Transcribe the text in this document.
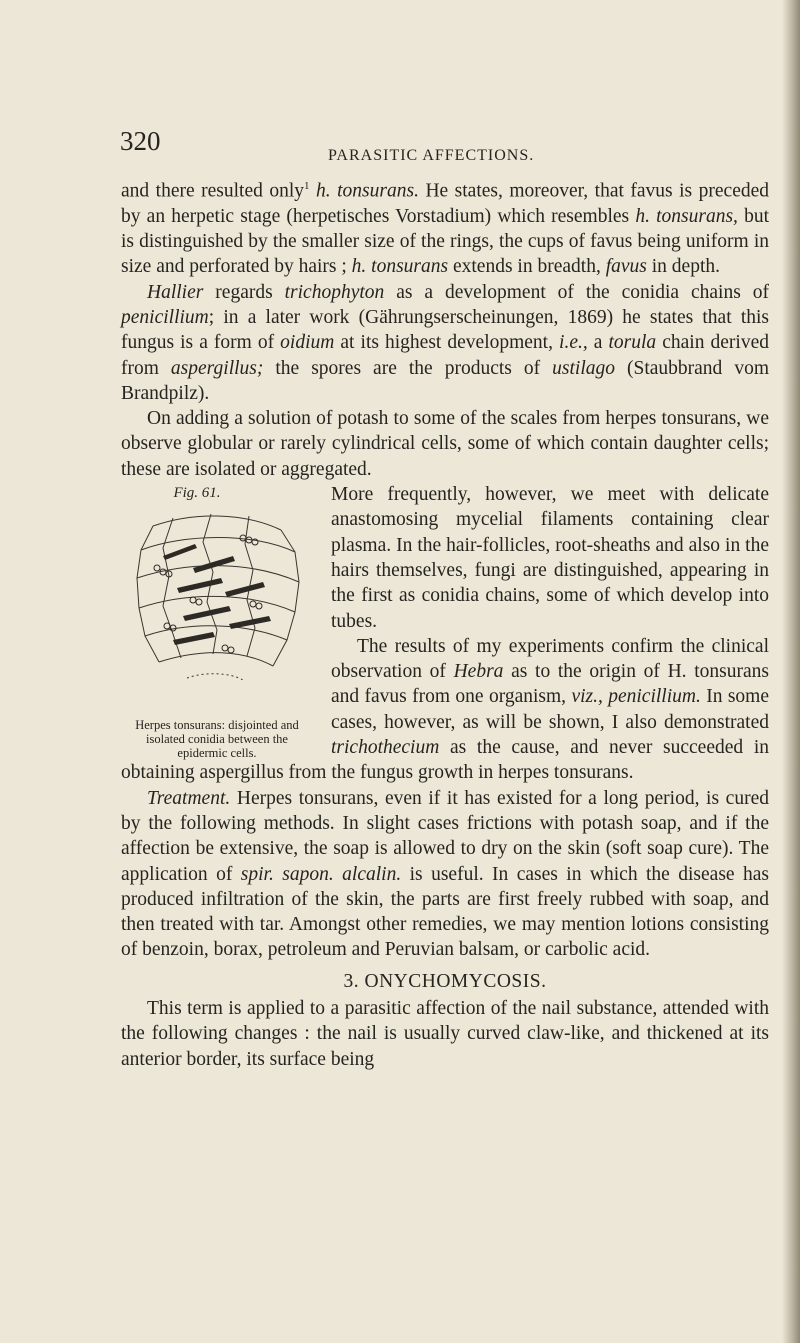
320	PARASITIC AFFECTIONS.

and there resulted only$^1$ h. tonsurans. He states, moreover, that favus is preceded by an herpetic stage (herpetisches Vorstadium) which resembles h. tonsurans, but is distinguished by the smaller size of the rings, the cups of favus being uniform in size and perforated by hairs ; h. tonsurans extends in breadth, favus in depth.

Hallier regards trichophyton as a development of the conidia chains of penicillium; in a later work (Gährungserscheinungen, 1869) he states that this fungus is a form of oidium at its highest development, i.e., a torula chain derived from aspergillus; the spores are the products of ustilago (Staubbrand vom Brandpilz).

On adding a solution of potash to some of the scales from herpes tonsurans, we observe globular or rarely cylindrical cells, some of which contain daughter cells; these are isolated or aggregated.

Fig. 61.
Herpes tonsurans: disjointed and isolated conidia between the epidermic cells.

More frequently, however, we meet with delicate anastomosing mycelial filaments containing clear plasma. In the hair-follicles, root-sheaths and also in the hairs themselves, fungi are distinguished, appearing in the first as conidia chains, some of which develop into tubes.

The results of my experiments confirm the clinical observation of Hebra as to the origin of H. tonsurans and favus from one organism, viz., penicillium. In some cases, however, as will be shown, I also demonstrated trichothecium as the cause, and never succeeded in obtaining aspergillus from the fungus growth in herpes tonsurans.

Treatment. Herpes tonsurans, even if it has existed for a long period, is cured by the following methods. In slight cases frictions with potash soap, and if the affection be extensive, the soap is allowed to dry on the skin (soft soap cure). The application of spir. sapon. alcalin. is useful. In cases in which the disease has produced infiltration of the skin, the parts are first freely rubbed with soap, and then treated with tar. Amongst other remedies, we may mention lotions consisting of benzoin, borax, petroleum and Peruvian balsam, or carbolic acid.

3. ONYCHOMYCOSIS.

This term is applied to a parasitic affection of the nail substance, attended with the following changes : the nail is usually curved claw-like, and thickened at its anterior border, its surface being
